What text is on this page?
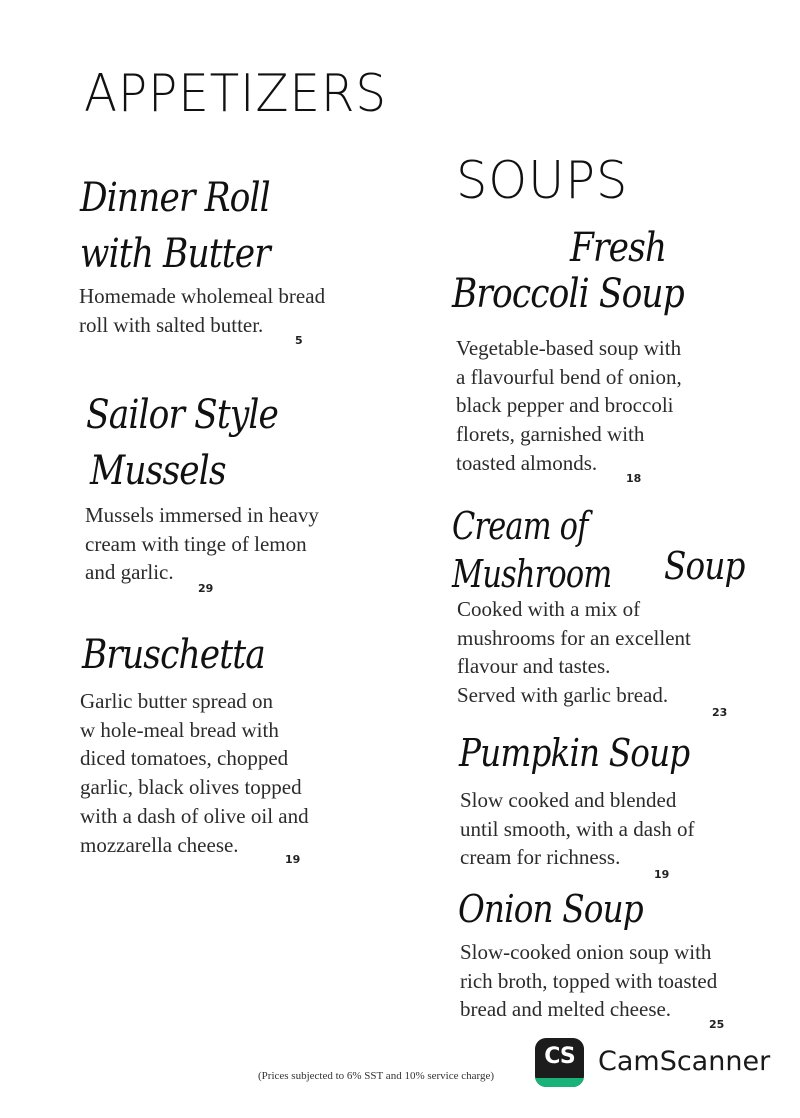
APPETIZERS
Dinner Roll
with Butter
Homemade wholemeal bread
roll with salted butter.
5
Sailor Style
Mussels
Mussels immersed in heavy
cream with tinge of lemon
and garlic.
29
Bruschetta
Garlic butter spread on
w hole-meal bread with
diced tomatoes, chopped
garlic, black olives topped
with a dash of olive oil and
mozzarella cheese.
19
SOUPS
Fresh
Broccoli Soup
Vegetable-based soup with
a flavourful bend of onion,
black pepper and broccoli
florets, garnished with
toasted almonds.
18
Cream of Mushroom	Soup
Cooked with a mix of
mushrooms for an excellent
flavour and tastes.
Served with garlic bread.
23
Pumpkin Soup
Slow cooked and blended
until smooth, with a dash of
cream for richness.
19
Onion Soup
Slow-cooked onion soup with
rich broth, topped with toasted
bread and melted cheese.
25
(Prices subjected to 6% SST and 10% service charge)
CS CamScanner
